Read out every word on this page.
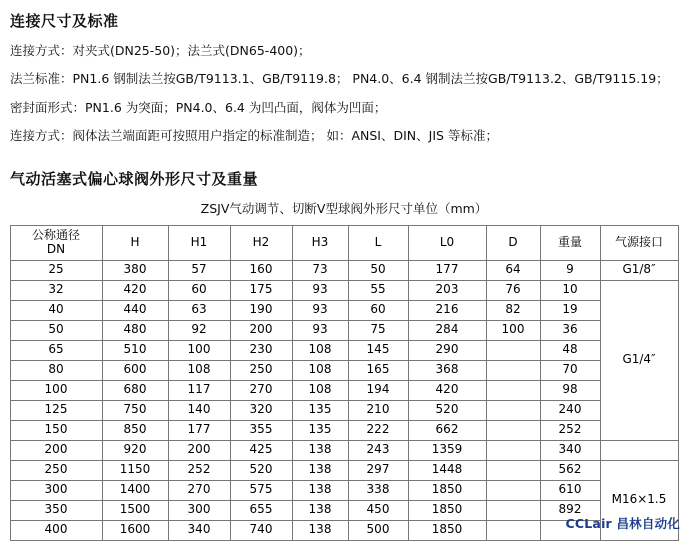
连接尺寸及标准

连接方式：对夹式(DN25-50)；法兰式(DN65-400)；

法兰标准：PN1.6 钢制法兰按GB/T9113.1、GB/T9119.8； PN4.0、6.4 钢制法兰按GB/T9113.2、GB/T9115.19；

密封面形式：PN1.6 为突面；PN4.0、6.4 为凹凸面，阀体为凹面；

连接方式：阀体法兰端面距可按照用户指定的标准制造； 如：ANSI、DIN、JIS 等标准；

气动活塞式偏心球阀外形尺寸及重量
ZSJV气动调节、切断V型球阀外形尺寸单位（mm）
公称通径
DN	H	H1	H2	H3	L	L0	D	重量	气源接口
25	380	57	160	73	50	177	64	9	G1/8″
32	420	60	175	93	55	203	76	10	G1/4″
40	440	63	190	93	60	216	82	19	
50	480	92	200	93	75	284	100	36	
65	510	100	230	108	145	290		48	
80	600	108	250	108	165	368		70	
100	680	117	270	108	194	420		98	
125	750	140	320	135	210	520		240	
150	850	177	355	135	222	662		252	
200	920	200	425	138	243	1359		340	
250	1150	252	520	138	297	1448		562	M16×1.5
300	1400	270	575	138	338	1850		610	
350	1500	300	655	138	450	1850		892	
400	1600	340	740	138	500	1850				CCLair 昌林自动化
